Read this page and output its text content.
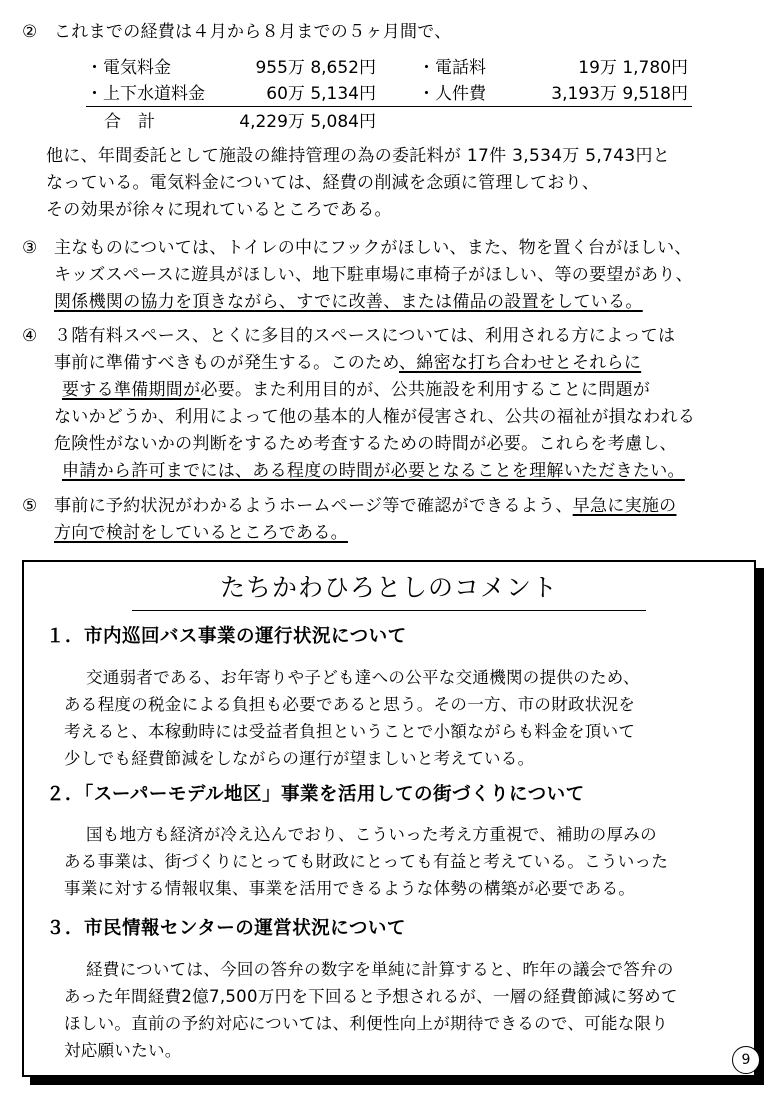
② これまでの経費は４月から８月までの５ヶ月間で、
・電気料金	955万 8,652円 ・電話料	19万 1,780円
・上下水道料金	60万 5,134円 ・人件費	3,193万 9,518円
合　計	4,229万 5,084円
他に、年間委託として施設の維持管理の為の委託料が 17件 3,534万 5,743円と
なっている。電気料金については、経費の削減を念頭に管理しており、
その効果が徐々に現れているところである。
③ 主なものについては、トイレの中にフックがほしい、また、物を置く台がほしい、
キッズスペースに遊具がほしい、地下駐車場に車椅子がほしい、等の要望があり、
関係機関の協力を頂きながら、すでに改善、または備品の設置をしている。
④ ３階有料スペース、とくに多目的スペースについては、利用される方によっては
事前に準備すべきものが発生する。このため、綿密な打ち合わせとそれらに
要する準備期間が必要。また利用目的が、公共施設を利用することに問題が
ないかどうか、利用によって他の基本的人権が侵害され、公共の福祉が損なわれる
危険性がないかの判断をするため考査するための時間が必要。これらを考慮し、
申請から許可までには、ある程度の時間が必要となることを理解いただきたい。
⑤ 事前に予約状況がわかるようホームページ等で確認ができるよう、早急に実施の
方向で検討をしているところである。
たちかわひろとしのコメント
１．市内巡回バス事業の運行状況について
交通弱者である、お年寄りや子ども達への公平な交通機関の提供のため、
ある程度の税金による負担も必要であると思う。その一方、市の財政状況を
考えると、本稼動時には受益者負担ということで小額ながらも料金を頂いて
少しでも経費節減をしながらの運行が望ましいと考えている。
２．「スーパーモデル地区」事業を活用しての街づくりについて
国も地方も経済が冷え込んでおり、こういった考え方重視で、補助の厚みの
ある事業は、街づくりにとっても財政にとっても有益と考えている。こういった
事業に対する情報収集、事業を活用できるような体勢の構築が必要である。
３．市民情報センターの運営状況について
経費については、今回の答弁の数字を単純に計算すると、昨年の議会で答弁の
あった年間経費2億7,500万円を下回ると予想されるが、一層の経費節減に努めて
ほしい。直前の予約対応については、利便性向上が期待できるので、可能な限り
対応願いたい。	9
